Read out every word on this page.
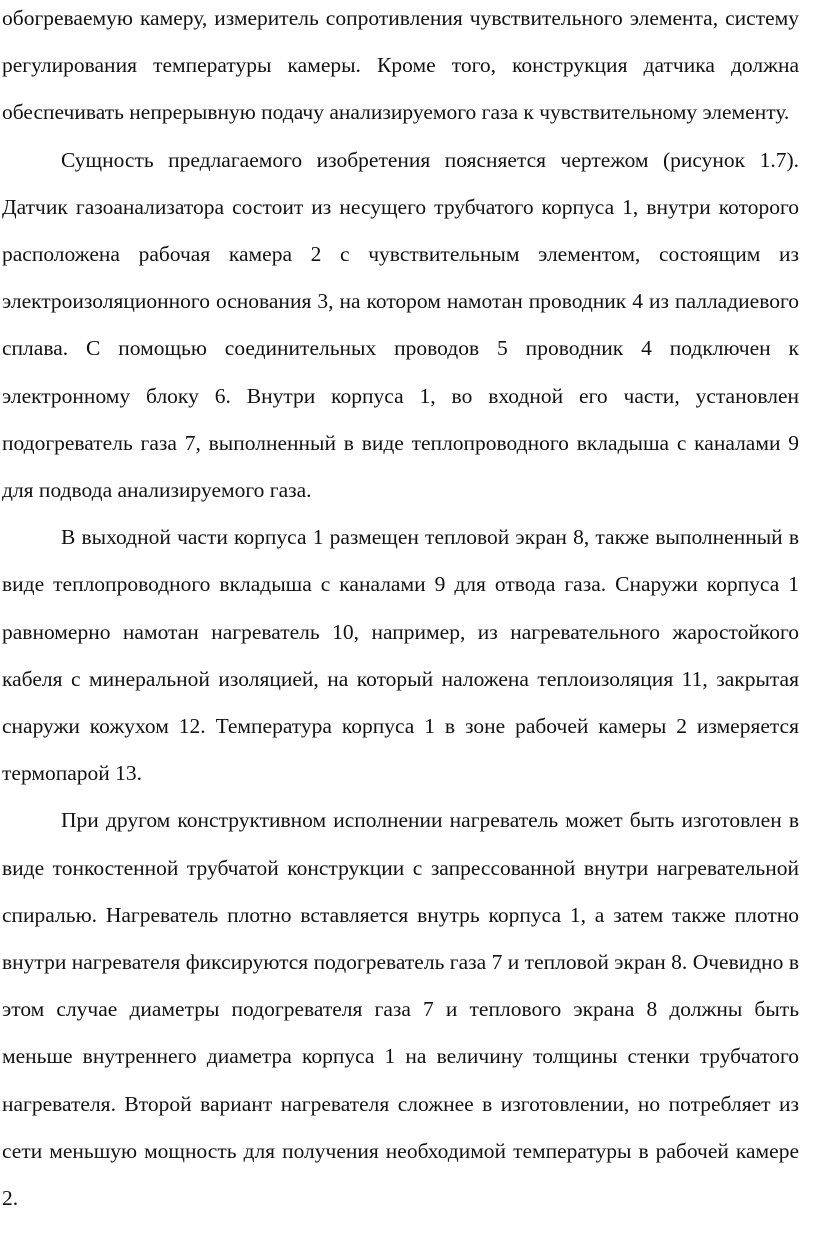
обогреваемую камеру, измеритель сопротивления чувствительного элемента, систему регулирования температуры камеры. Кроме того, конструкция датчика должна обеспечивать непрерывную подачу анализируемого газа к чувствительному элементу.

Сущность предлагаемого изобретения поясняется чертежом (рисунок 1.7). Датчик газоанализатора состоит из несущего трубчатого корпуса 1, внутри которого расположена рабочая камера 2 с чувствительным элементом, состоящим из электроизоляционного основания 3, на котором намотан проводник 4 из палладиевого сплава. С помощью соединительных проводов 5 проводник 4 подключен к электронному блоку 6. Внутри корпуса 1, во входной его части, установлен подогреватель газа 7, выполненный в виде теплопроводного вкладыша с каналами 9 для подвода анализируемого газа.

В выходной части корпуса 1 размещен тепловой экран 8, также выполненный в виде теплопроводного вкладыша с каналами 9 для отвода газа. Снаружи корпуса 1 равномерно намотан нагреватель 10, например, из нагревательного жаростойкого кабеля с минеральной изоляцией, на который наложена теплоизоляция 11, закрытая снаружи кожухом 12. Температура корпуса 1 в зоне рабочей камеры 2 измеряется термопарой 13.

При другом конструктивном исполнении нагреватель может быть изготовлен в виде тонкостенной трубчатой конструкции с запрессованной внутри нагревательной спиралью. Нагреватель плотно вставляется внутрь корпуса 1, а затем также плотно внутри нагревателя фиксируются подогреватель газа 7 и тепловой экран 8. Очевидно в этом случае диаметры подогревателя газа 7 и теплового экрана 8 должны быть меньше внутреннего диаметра корпуса 1 на величину толщины стенки трубчатого нагревателя. Второй вариант нагревателя сложнее в изготовлении, но потребляет из сети меньшую мощность для получения необходимой температуры в рабочей камере 2.
